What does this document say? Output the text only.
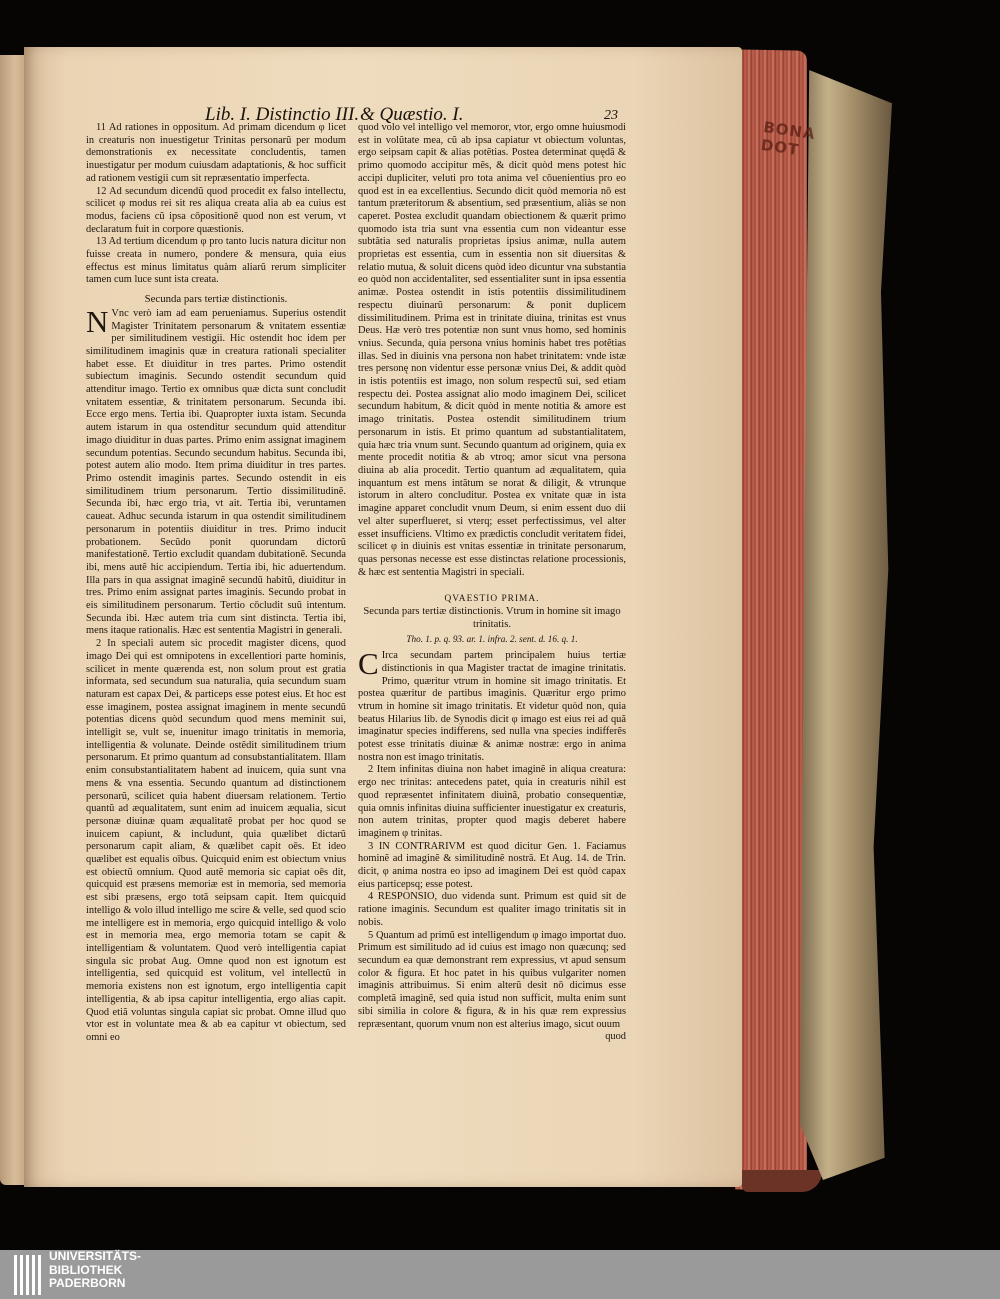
BONA DOT
Lib. I. Distinctio III. & Quæstio. I.	23

11 Ad rationes in oppositum. Ad primam dicendum φ licet in creaturis non inuestigetur Trinitas personarũ per modum demonstrationis ex necessitate concludentis, tamen inuestigatur per modum cuiusdam adaptationis, & hoc sufficit ad rationem vestigii cum sit repræsentatio imperfecta.

12 Ad secundum dicendũ quod procedit ex falso intellectu, scilicet φ modus rei sit res aliqua creata alia ab ea cuius est modus, faciens cũ ipsa cōpositionẽ quod non est verum, vt declaratum fuit in corpore quæstionis.

13 Ad tertium dicendum φ pro tanto lucis natura dicitur non fuisse creata in numero, pondere & mensura, quia eius effectus est minus limitatus quàm aliarũ rerum simpliciter tamen cum luce sunt ista creata.

Secunda pars tertiæ distinctionis.

N Vnc verò iam ad eam perueniamus. Superius ostendit Magister Trinitatem personarum & vnitatem essentiæ per similitudinem vestigii. Hic ostendit hoc idem per similitudinem imaginis quæ in creatura rationali specialiter habet esse. Et diuiditur in tres partes. Primo ostendit subiectum imaginis. Secundo ostendit secundum quid attenditur imago. Tertio ex omnibus quæ dicta sunt concludit vnitatem essentiæ, & trinitatem personarum. Secunda ibi. Ecce ergo mens. Tertia ibi. Quapropter iuxta istam. Secunda autem istarum in qua ostenditur secundum quid attenditur imago diuiditur in duas partes. Primo enim assignat imaginem secundum potentias. Secundo secundum habitus. Secunda ibi, potest autem alio modo. Item prima diuiditur in tres partes. Primo ostendit imaginis partes. Secundo ostendit in eis similitudinem trium personarum. Tertio dissimilitudinẽ. Secunda ibi, hæc ergo tria, vt ait. Tertia ibi, veruntamen caueat. Adhuc secunda istarum in qua ostendit similitudinem personarum in potentiis diuiditur in tres. Primo inducit probationem. Secũdo ponit quorundam dictorũ manifestationẽ. Tertio excludit quandam dubitationẽ. Secunda ibi, mens autẽ hic accipiendum. Tertia ibi, hic aduertendum. Illa pars in qua assignat imaginẽ secundũ habitũ, diuiditur in tres. Primo enim assignat partes imaginis. Secundo probat in eis similitudinem personarum. Tertio cōcludit suũ intentum. Secunda ibi. Hæc autem tria cum sint distincta. Tertia ibi, mens itaque rationalis. Hæc est sententia Magistri in generali.

2 In speciali autem sic procedit magister dicens, quod imago Dei qui est omnipotens in excellentiori parte hominis, scilicet in mente quærenda est, non solum prout est gratia informata, sed secundum sua naturalia, quia secundum suam naturam est capax Dei, & particeps esse potest eius. Et hoc est esse imaginem, postea assignat imaginem in mente secundũ potentias dicens quòd secundum quod mens meminit sui, intelligit se, vult se, inuenitur imago trinitatis in memoria, intelligentia & volunate. Deinde ostẽdit similitudinem trium personarum. Et primo quantum ad consubstantialitatem. Illam enim consubstantialitatem habent ad inuicem, quia sunt vna mens & vna essentia. Secundo quantum ad distinctionem personarũ, scilicet quia habent diuersam relationem. Tertio quantũ ad æqualitatem, sunt enim ad inuicem æqualia, sicut personæ diuinæ quam æqualitatẽ probat per hoc quod se inuicem capiunt, & includunt, quia quælibet dictarũ personarum capit aliam, & quælibet capit oēs. Et ideo quælibet est equalis oībus. Quicquid enim est obiectum vnius est obiectũ omnium. Quod autẽ memoria sic capiat oēs dit, quicquid est præsens memoriæ est in memoria, sed memoria est sibi præsens, ergo totã seipsam capit. Item quicquid intelligo & volo illud intelligo me scire & velle, sed quod scio me intelligere est in memoria, ergo quicquid intelligo & volo est in memoria mea, ergo memoria totam se capit & intelligentiam & voluntatem. Quod verò intelligentia capiat singula sic probat Aug. Omne quod non est ignotum est intelligentia, sed quicquid est volitum, vel intellectũ in memoria existens non est ignotum, ergo intelligentia capit intelligentia, & ab ipsa capitur intelligentia, ergo alias capit. Quod etiã voluntas singula capiat sic probat. Omne illud quo vtor est in voluntate mea & ab ea capitur vt obiectum, sed omni eo

quod volo vel intelligo vel memoror, vtor, ergo omne huiusmodi est in volũtate mea, cũ ab ipsa capiatur vt obiectum voluntas, ergo seipsam capit & alias potẽtias. Postea determinat quędã & primo quomodo accipitur mẽs, & dicit quòd mens potest hic accipi dupliciter, veluti pro tota anima vel cōuenientius pro eo quod est in ea excellentius. Secundo dicit quòd memoria nō est tantum præteritorum & absentium, sed præsentium, aliàs se non caperet. Postea excludit quandam obiectionem & quærit primo quomodo ista tria sunt vna essentia cum non videantur esse subtãtia sed naturalis proprietas ipsius animæ, nulla autem proprietas est essentia, cum in essentia non sit diuersitas & relatio mutua, & soluit dicens quòd ideo dicuntur vna substantia eo quòd non accidentaliter, sed essentialiter sunt in ipsa essentia animæ. Postea ostendit in istis potentiis dissimilitudinem respectu diuinarũ personarum: & ponit duplicem dissimilitudinem. Prima est in trinitate diuina, trinitas est vnus Deus. Hæ verò tres potentiæ non sunt vnus homo, sed hominis vnius. Secunda, quia persona vnius hominis habet tres potẽtias illas. Sed in diuinis vna persona non habet trinitatem: vnde istæ tres personę non videntur esse personæ vnius Dei, & addit quòd in istis potentiis est imago, non solum respectũ sui, sed etiam respectu dei. Postea assignat alio modo imaginem Dei, scilicet secundum habitum, & dicit quòd in mente notitia & amore est imago trinitatis. Postea ostendit similitudinem trium personarum in istis. Et primo quantum ad substantialitatem, quia hæc tria vnum sunt. Secundo quantum ad originem, quia ex mente procedit notitia & ab vtroq; amor sicut vna persona diuina ab alia procedit. Tertio quantum ad æqualitatem, quia inquantum est mens intãtum se norat & diligit, & vtrunque istorum in altero concluditur. Postea ex vnitate quæ in ista imagine apparet concludit vnum Deum, si enim essent duo dii vel alter superflueret, si vterq; esset perfectissimus, vel alter esset insufficiens. Vltimo ex prædictis concludit veritatem fidei, scilicet φ in diuinis est vnitas essentiæ in trinitate personarum, quas personas necesse est esse distinctas relatione processionis, & hæc est sententia Magistri in speciali.

QVAESTIO PRIMA.

Secunda pars tertiæ distinctionis. Vtrum in homine sit imago trinitatis.

Tho. 1. p. q. 93. ar. 1. infra. 2. sent. d. 16. q. 1.

C Irca secundam partem principalem huius tertiæ distinctionis in qua Magister tractat de imagine trinitatis. Primo, quæritur vtrum in homine sit imago trinitatis. Et postea quæritur de partibus imaginis. Quæritur ergo primo vtrum in homine sit imago trinitatis. Et videtur quòd non, quia beatus Hilarius lib. de Synodis dicit φ imago est eius rei ad quã imaginatur species indifferens, sed nulla vna species indifferẽs potest esse trinitatis diuinæ & animæ nostræ: ergo in anima nostra non est imago trinitatis.

2 Item infinitas diuina non habet imaginẽ in aliqua creatura: ergo nec trinitas: antecedens patet, quia in creaturis nihil est quod repræsentet infinitatem diuinã, probatio consequentiæ, quia omnis infinitas diuina sufficienter inuestigatur ex creaturis, non autem trinitas, propter quod magis deberet habere imaginem φ trinitas.

3 IN CONTRARIVM est quod dicitur Gen. 1. Faciamus hominẽ ad imaginẽ & similitudinẽ nostrã. Et Aug. 14. de Trin. dicit, φ anima nostra eo ipso ad imaginem Dei est quòd capax eius particepsq; esse potest.

4 RESPONSIO, duo videnda sunt. Primum est quid sit de ratione imaginis. Secundum est qualiter imago trinitatis sit in nobis.

5 Quantum ad primũ est intelligendum φ imago importat duo. Primum est similitudo ad id cuius est imago non quæcunq; sed secundum ea quæ demonstrant rem expressius, vt apud sensum color & figura. Et hoc patet in his quibus vulgariter nomen imaginis attribuimus. Si enim alterũ desit nō dicimus esse completã imaginẽ, sed quia istud non sufficit, multa enim sunt sibi similia in colore & figura, & in his quæ rem expressius repræsentant, quorum vnum non est alterius imago, sicut ouum

quod

UNIVERSITÄTS-
BIBLIOTHEK
PADERBORN
